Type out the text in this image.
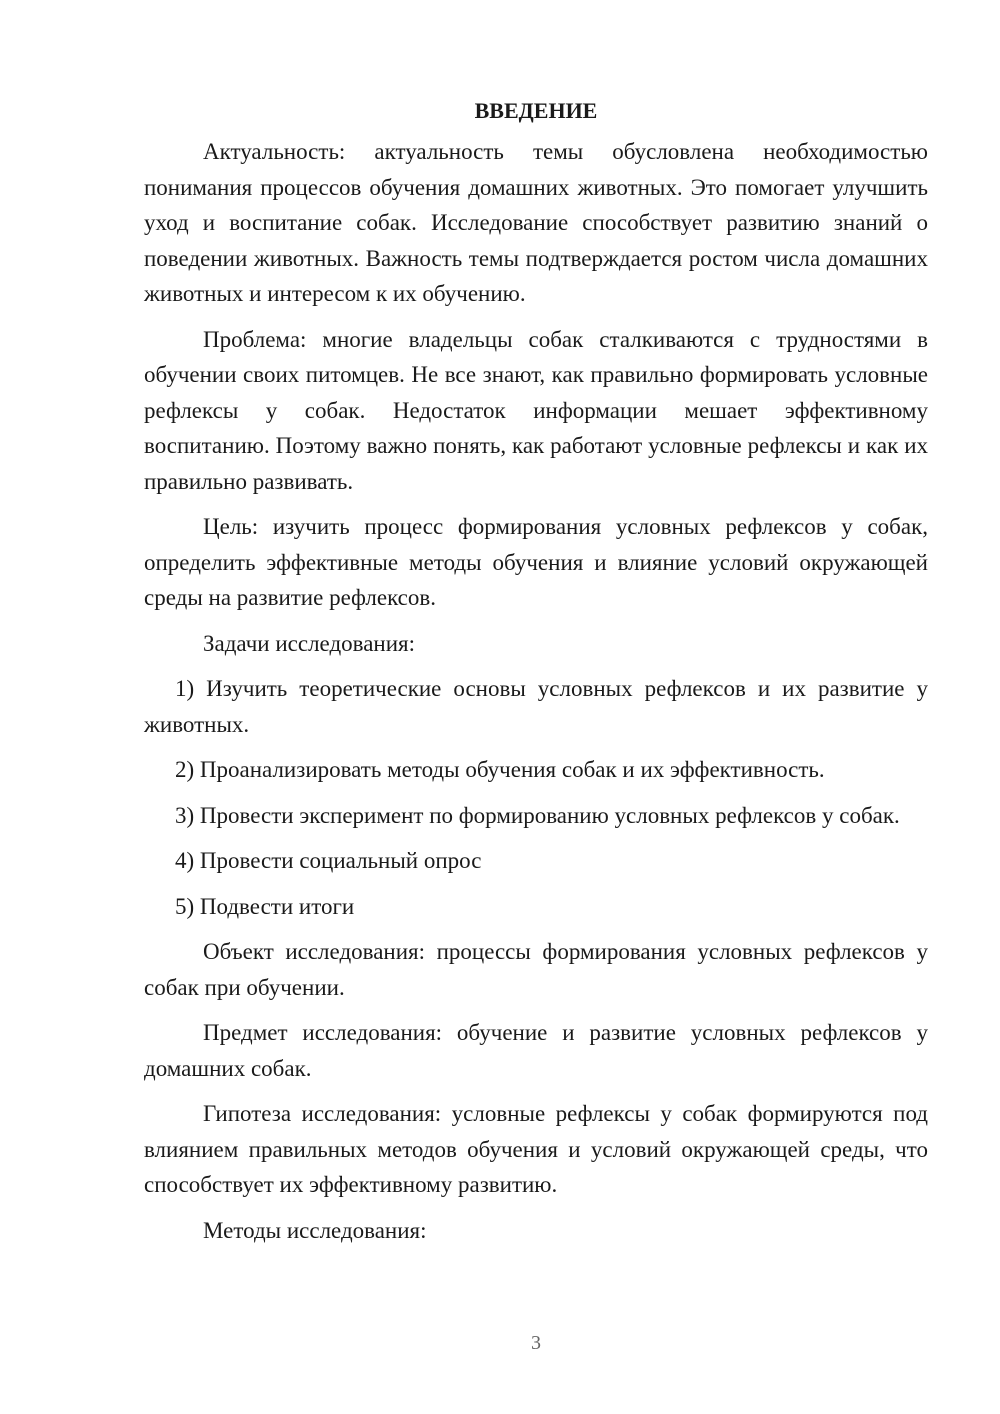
ВВЕДЕНИЕ

Актуальность: актуальность темы обусловлена необходимостью понимания процессов обучения домашних животных. Это помогает улучшить уход и воспитание собак. Исследование способствует развитию знаний о поведении животных. Важность темы подтверждается ростом числа домашних животных и интересом к их обучению.

Проблема: многие владельцы собак сталкиваются с трудностями в обучении своих питомцев. Не все знают, как правильно формировать условные рефлексы у собак. Недостаток информации мешает эффективному воспитанию. Поэтому важно понять, как работают условные рефлексы и как их правильно развивать.

Цель: изучить процесс формирования условных рефлексов у собак, определить эффективные методы обучения и влияние условий окружающей среды на развитие рефлексов.

Задачи исследования:

1) Изучить теоретические основы условных рефлексов и их развитие у животных.

2) Проанализировать методы обучения собак и их эффективность.

3) Провести эксперимент по формированию условных рефлексов у собак.

4) Провести социальный опрос

5) Подвести итоги

Объект исследования: процессы формирования условных рефлексов у собак при обучении.

Предмет исследования: обучение и развитие условных рефлексов у домашних собак.

Гипотеза исследования: условные рефлексы у собак формируются под влиянием правильных методов обучения и условий окружающей среды, что способствует их эффективному развитию.

Методы исследования:

3
